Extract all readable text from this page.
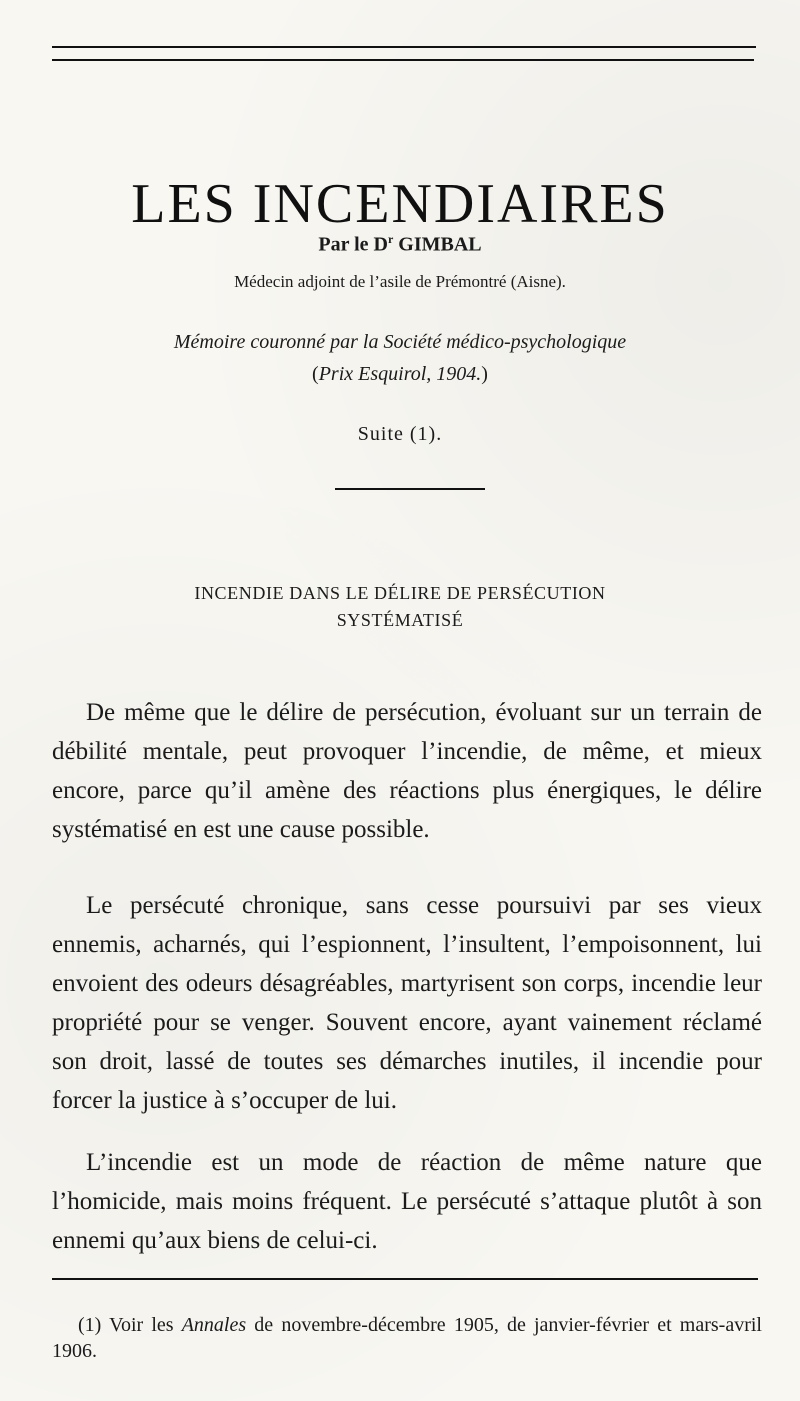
LES INCENDIAIRES
Par le $D^r$ GIMBAL
Médecin adjoint de l’asile de Prémontré (Aisne).
Mémoire couronné par la Société médico-psychologique
(Prix Esquirol, 1904.)
Suite (1).
INCENDIE DANS LE DÉLIRE DE PERSÉCUTION
SYSTÉMATISÉ

De même que le délire de persécution, évoluant sur un terrain de débilité mentale, peut provoquer l’incendie, de même, et mieux encore, parce qu’il amène des réactions plus énergiques, le délire systématisé en est une cause possible.

Le persécuté chronique, sans cesse poursuivi par ses vieux ennemis, acharnés, qui l’espionnent, l’insultent, l’empoisonnent, lui envoient des odeurs désagréables, martyrisent son corps, incendie leur propriété pour se venger. Souvent encore, ayant vainement réclamé son droit, lassé de toutes ses démarches inutiles, il incendie pour forcer la justice à s’occuper de lui.

L’incendie est un mode de réaction de même nature que l’homicide, mais moins fréquent. Le persécuté s’attaque plutôt à son ennemi qu’aux biens de celui-ci.

(1) Voir les Annales de novembre-décembre 1905, de janvier-février et mars-avril 1906.
